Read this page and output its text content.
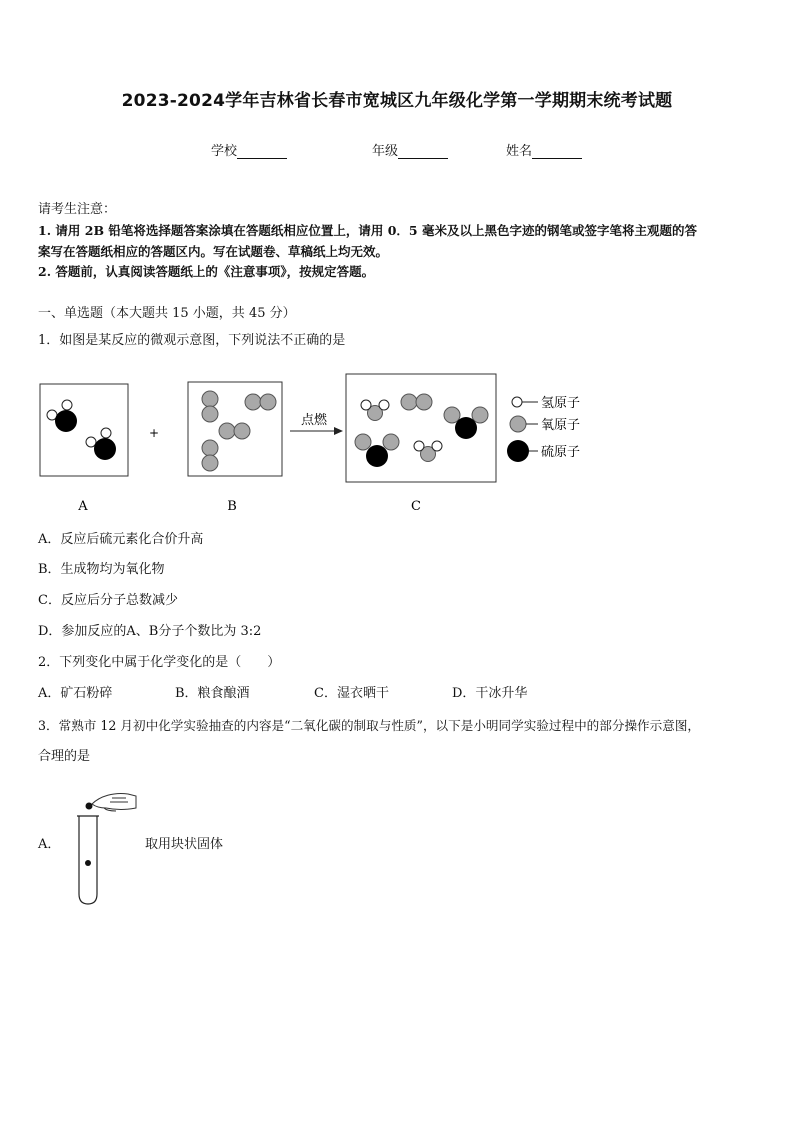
2023-2024学年吉林省长春市宽城区九年级化学第一学期期末统考试题
学校	年级	姓名
请考生注意：
1. 请用 2B 铅笔将选择题答案涂填在答题纸相应位置上，请用 0．5 毫米及以上黑色字迹的钢笔或签字笔将主观题的答
案写在答题纸相应的答题区内。写在试题卷、草稿纸上均无效。
2. 答题前，认真阅读答题纸上的《注意事项》，按规定答题。
一、单选题（本大题共 15 小题，共 45 分）
1．如图是某反应的微观示意图，下列说法不正确的是
+
点燃
氢原子
氧原子
硫原子
A	B	C
A．反应后硫元素化合价升高
B．生成物均为氧化物
C．反应后分子总数减少
D．参加反应的A、B分子个数比为 3:2
2．下列变化中属于化学变化的是（　　）
A．矿石粉碎	B．粮食酿酒	C．湿衣晒干	D．干冰升华
3．常熟市 12 月初中化学实验抽查的内容是“二氧化碳的制取与性质”，以下是小明同学实验过程中的部分操作示意图，
合理的是
A．	取用块状固体
